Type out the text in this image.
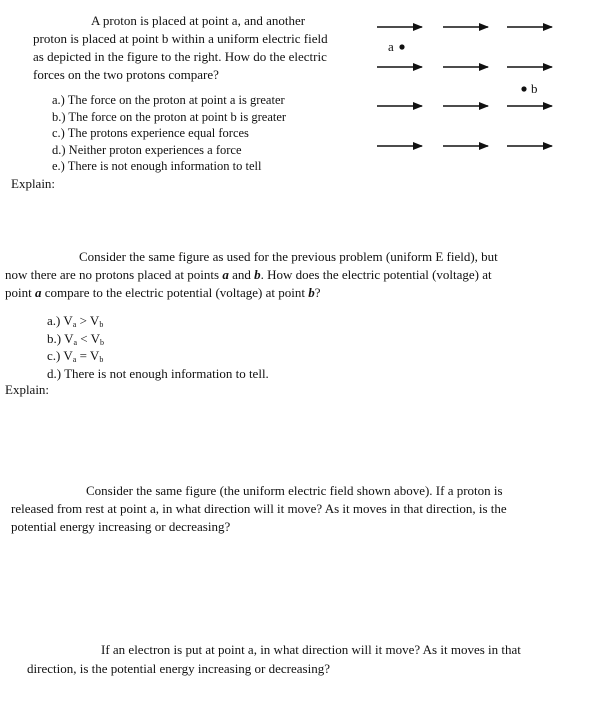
A proton is placed at point a, and another
proton is placed at point b within a uniform electric field
as depicted in the figure to the right. How do the electric
forces on the two protons compare?
a.) The force on the proton at point a is greater
b.) The force on the proton at point b is greater
c.) The protons experience equal forces
d.) Neither proton experiences a force
e.) There is not enough information to tell
Explain:
a
b
Consider the same figure as used for the previous problem (uniform E field), but
now there are no protons placed at points a and b. How does the electric potential (voltage) at
point a compare to the electric potential (voltage) at point b?
a.) $V_a > V_b$
b.) $V_a < V_b$
c.) $V_a = V_b$
d.) There is not enough information to tell.
Explain:
Consider the same figure (the uniform electric field shown above). If a proton is
released from rest at point a, in what direction will it move? As it moves in that direction, is the
potential energy increasing or decreasing?
If an electron is put at point a, in what direction will it move? As it moves in that
direction, is the potential energy increasing or decreasing?
